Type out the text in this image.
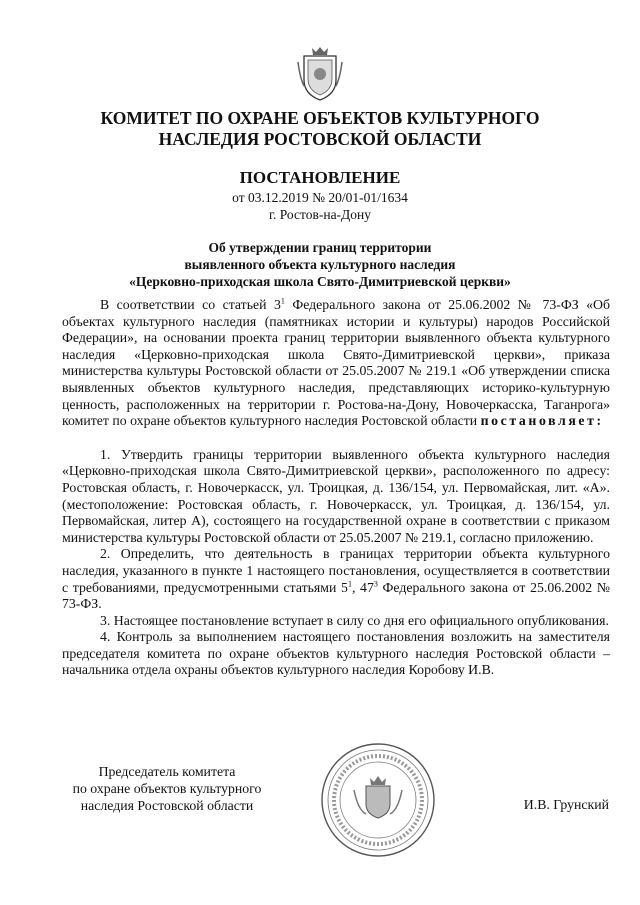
КОМИТЕТ ПО ОХРАНЕ ОБЪЕКТОВ КУЛЬТУРНОГО
НАСЛЕДИЯ РОСТОВСКОЙ ОБЛАСТИ
ПОСТАНОВЛЕНИЕ
от 03.12.2019 № 20/01-01/1634
г. Ростов-на-Дону
Об утверждении границ территории
выявленного объекта культурного наследия
«Церковно-приходская школа Свято-Димитриевской церкви»

В соответствии со статьей $3^1$ Федерального закона от 25.06.2002 № 73-ФЗ «Об объектах культурного наследия (памятниках истории и культуры) народов Российской Федерации», на основании проекта границ территории выявленного объекта культурного наследия «Церковно-приходская школа Свято-Димитриевской церкви», приказа министерства культуры Ростовской области от 25.05.2007 № 219.1 «Об утверждении списка выявленных объектов культурного наследия, представляющих историко-культурную ценность, расположенных на территории г. Ростова-на-Дону, Новочеркасска, Таганрога» комитет по охране объектов культурного наследия Ростовской области постановляет:

1. Утвердить границы территории выявленного объекта культурного наследия «Церковно-приходская школа Свято-Димитриевской церкви», расположенного по адресу: Ростовская область, г. Новочеркасск, ул. Троицкая, д. 136/154, ул. Первомайская, лит. «А». (местоположение: Ростовская область, г. Новочеркасск, ул. Троицкая, д. 136/154, ул. Первомайская, литер А), состоящего на государственной охране в соответствии с приказом министерства культуры Ростовской области от 25.05.2007 № 219.1, согласно приложению.

2. Определить, что деятельность в границах территории объекта культурного наследия, указанного в пункте 1 настоящего постановления, осуществляется в соответствии с требованиями, предусмотренными статьями $5^1$, $47^3$ Федерального закона от 25.06.2002 № 73-ФЗ.

3. Настоящее постановление вступает в силу со дня его официального опубликования.

4. Контроль за выполнением настоящего постановления возложить на заместителя председателя комитета по охране объектов культурного наследия Ростовской области – начальника отдела охраны объектов культурного наследия Коробову И.В.

Председатель комитета
по охране объектов культурного
наследия Ростовской области	И.В. Грунский
